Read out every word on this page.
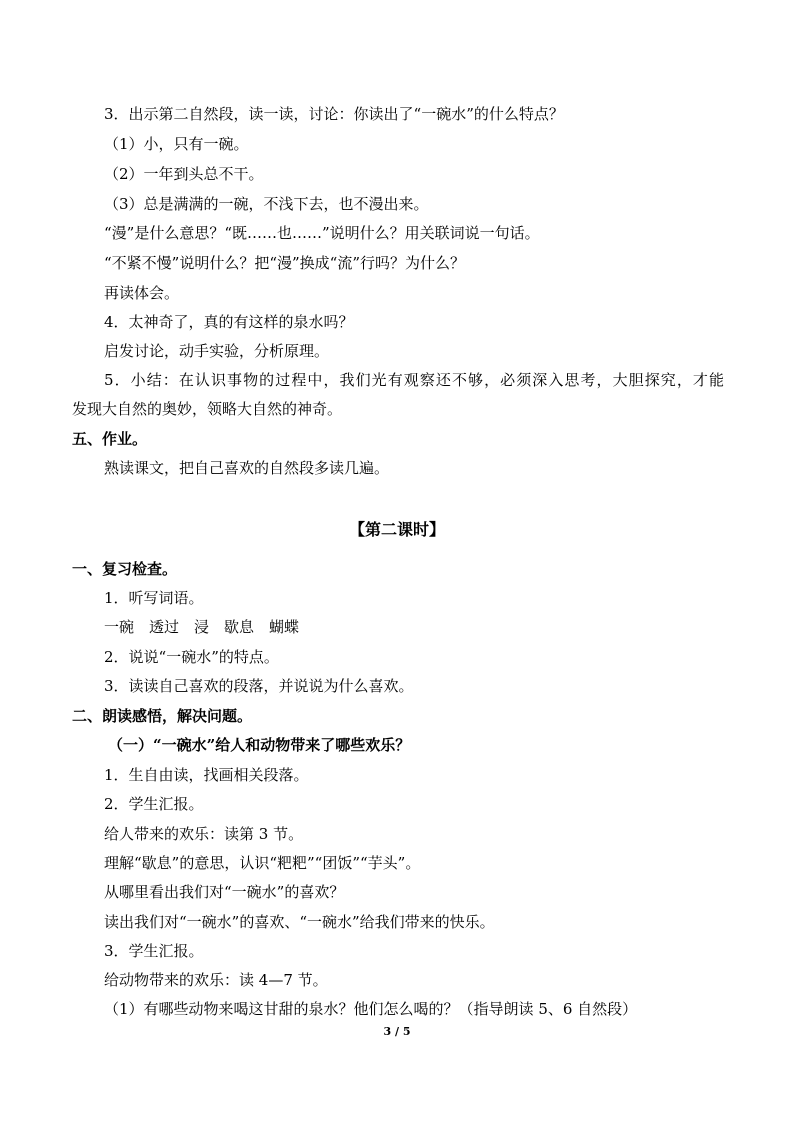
3．出示第二自然段，读一读，讨论：你读出了“一碗水”的什么特点？
（1）小，只有一碗。
（2）一年到头总不干。
（3）总是满满的一碗，不浅下去，也不漫出来。
“漫”是什么意思？“既……也……”说明什么？用关联词说一句话。
“不紧不慢”说明什么？把“漫”换成“流”行吗？为什么？
再读体会。
4．太神奇了，真的有这样的泉水吗？
启发讨论，动手实验，分析原理。
5．小结：在认识事物的过程中，我们光有观察还不够，必须深入思考，大胆探究，才能
发现大自然的奥妙，领略大自然的神奇。
五、作业。
熟读课文，把自己喜欢的自然段多读几遍。
【第二课时】
一、复习检查。
1．听写词语。
一碗　透过　浸　歇息　蝴蝶
2．说说“一碗水”的特点。
3．读读自己喜欢的段落，并说说为什么喜欢。
二、朗读感悟，解决问题。
（一）“一碗水”给人和动物带来了哪些欢乐？
1．生自由读，找画相关段落。
2．学生汇报。
给人带来的欢乐：读第 3 节。
理解“歇息”的意思，认识“粑粑”“团饭”“芋头”。
从哪里看出我们对“一碗水”的喜欢？
读出我们对“一碗水”的喜欢、“一碗水”给我们带来的快乐。
3．学生汇报。
给动物带来的欢乐：读 4—7 节。
（1）有哪些动物来喝这甘甜的泉水？他们怎么喝的？（指导朗读 5、6 自然段）
3 / 5
